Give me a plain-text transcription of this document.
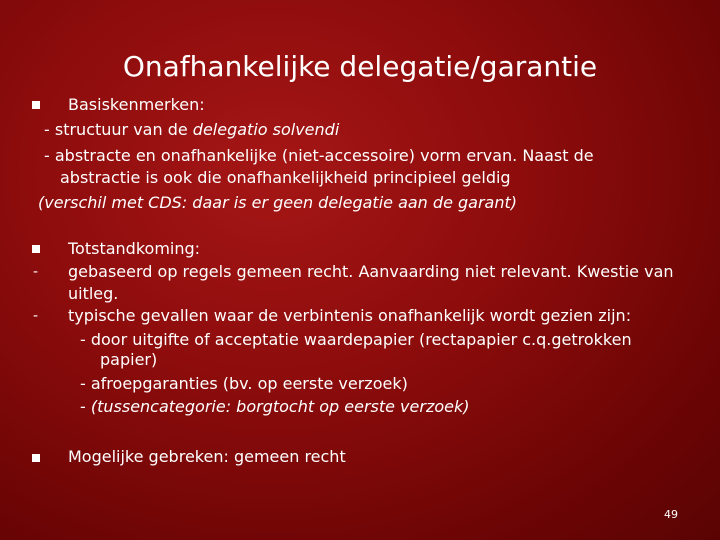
Onafhankelijke delegatie/garantie
Basiskenmerken:
- structuur van de delegatio solvendi
- abstracte en onafhankelijke (niet-accessoire) vorm ervan. Naast de
abstractie is ook die onafhankelijkheid principieel geldig
(verschil met CDS: daar is er geen delegatie aan de garant)
Totstandkoming:
- gebaseerd op regels gemeen recht. Aanvaarding niet relevant. Kwestie van
uitleg.
- typische gevallen waar de verbintenis onafhankelijk wordt gezien zijn:
- door uitgifte of acceptatie waardepapier (rectapapier c.q.getrokken
papier)
- afroepgaranties (bv. op eerste verzoek)
- (tussencategorie: borgtocht op eerste verzoek)
Mogelijke gebreken: gemeen recht
49
